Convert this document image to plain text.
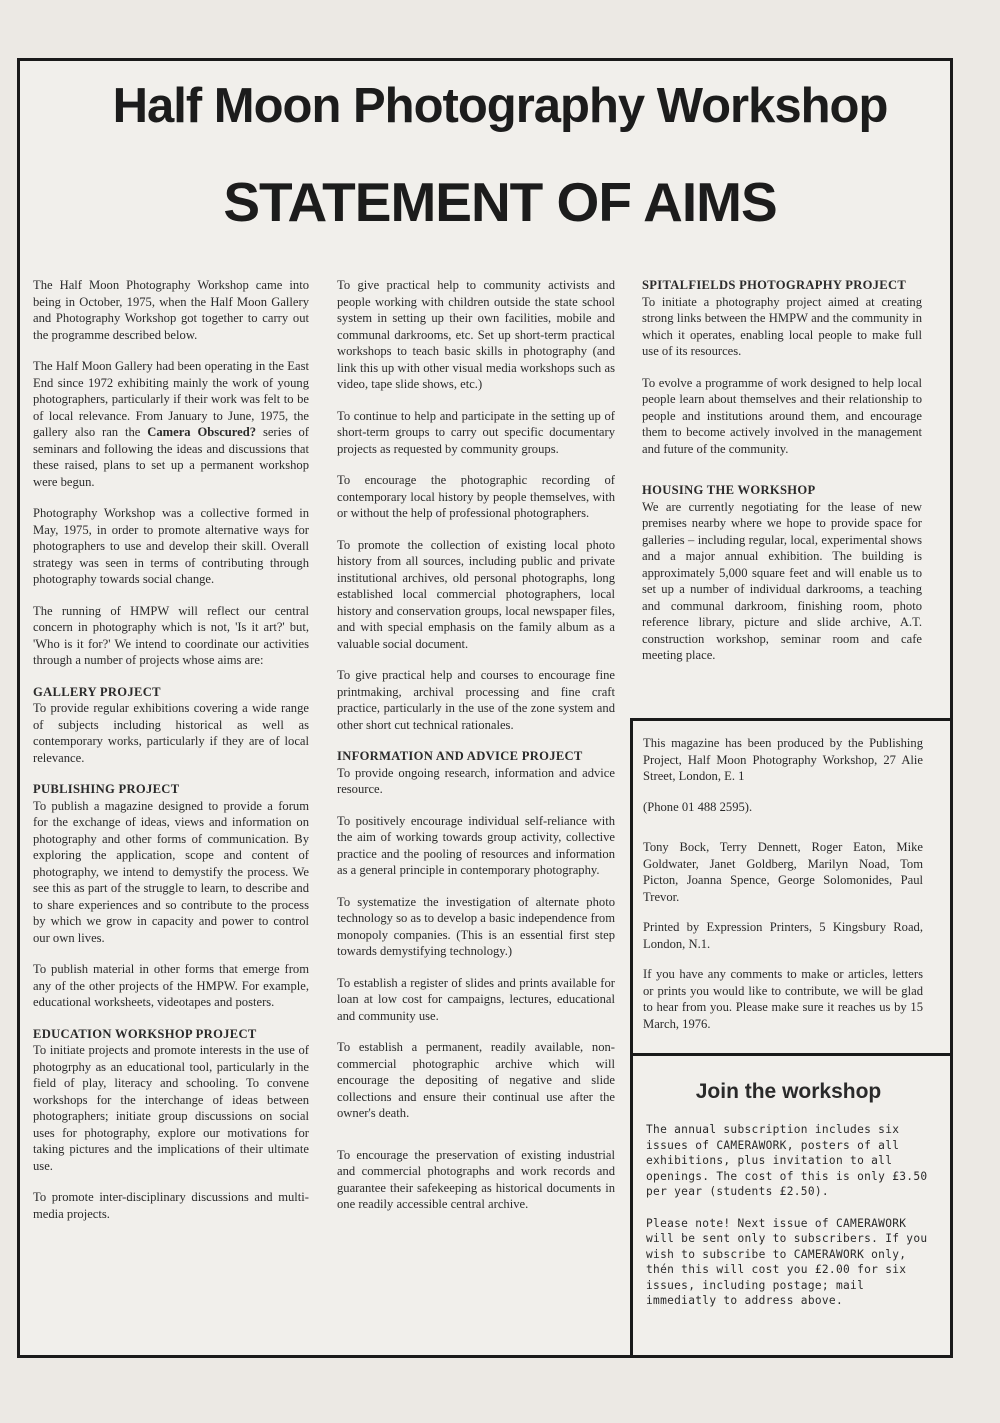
Half Moon Photography Workshop
STATEMENT OF AIMS

The Half Moon Photography Workshop came into being in October, 1975, when the Half Moon Gallery and Photography Workshop got together to carry out the programme described below.

The Half Moon Gallery had been operating in the East End since 1972 exhibiting mainly the work of young photographers, particularly if their work was felt to be of local relevance. From January to June, 1975, the gallery also ran the Camera Obscured? series of seminars and following the ideas and discussions that these raised, plans to set up a permanent workshop were begun.

Photography Workshop was a collective formed in May, 1975, in order to promote alternative ways for photographers to use and develop their skill. Overall strategy was seen in terms of contributing through photography towards social change.

The running of HMPW will reflect our central concern in photography which is not, 'Is it art?' but, 'Who is it for?' We intend to coordinate our activities through a number of projects whose aims are:

GALLERY PROJECT

To provide regular exhibitions covering a wide range of subjects including historical as well as contemporary works, particularly if they are of local relevance.

PUBLISHING PROJECT

To publish a magazine designed to provide a forum for the exchange of ideas, views and information on photography and other forms of communication. By exploring the application, scope and content of photography, we intend to demystify the process. We see this as part of the struggle to learn, to describe and to share experiences and so contribute to the process by which we grow in capacity and power to control our own lives.

To publish material in other forms that emerge from any of the other projects of the HMPW. For example, educational worksheets, videotapes and posters.

EDUCATION WORKSHOP PROJECT

To initiate projects and promote interests in the use of photogrphy as an educational tool, particularly in the field of play, literacy and schooling. To convene workshops for the interchange of ideas between photographers; initiate group discussions on social uses for photography, explore our motivations for taking pictures and the implications of their ultimate use.

To promote inter-disciplinary discussions and multi-media projects.

To give practical help to community activists and people working with children outside the state school system in setting up their own facilities, mobile and communal darkrooms, etc. Set up short-term practical workshops to teach basic skills in photography (and link this up with other visual media workshops such as video, tape slide shows, etc.)

To continue to help and participate in the setting up of short-term groups to carry out specific documentary projects as requested by community groups.

To encourage the photographic recording of contemporary local history by people themselves, with or without the help of professional photographers.

To promote the collection of existing local photo history from all sources, including public and private institutional archives, old personal photographs, long established local commercial photographers, local history and conservation groups, local newspaper files, and with special emphasis on the family album as a valuable social document.

To give practical help and courses to encourage fine printmaking, archival processing and fine craft practice, particularly in the use of the zone system and other short cut technical rationales.

INFORMATION AND ADVICE PROJECT

To provide ongoing research, information and advice resource.

To positively encourage individual self-reliance with the aim of working towards group activity, collective practice and the pooling of resources and information as a general principle in contemporary photography.

To systematize the investigation of alternate photo technology so as to develop a basic independence from monopoly companies. (This is an essential first step towards demystifying technology.)

To establish a register of slides and prints available for loan at low cost for campaigns, lectures, educational and community use.

To establish a permanent, readily available, non-commercial photographic archive which will encourage the depositing of negative and slide collections and ensure their continual use after the owner's death.

To encourage the preservation of existing industrial and commercial photographs and work records and guarantee their safekeeping as historical documents in one readily accessible central archive.

SPITALFIELDS PHOTOGRAPHY PROJECT

To initiate a photography project aimed at creating strong links between the HMPW and the community in which it operates, enabling local people to make full use of its resources.

To evolve a programme of work designed to help local people learn about themselves and their relationship to people and institutions around them, and encourage them to become actively involved in the management and future of the community.

HOUSING THE WORKSHOP

We are currently negotiating for the lease of new premises nearby where we hope to provide space for galleries – including regular, local, experimental shows and a major annual exhibition. The building is approximately 5,000 square feet and will enable us to set up a number of individual darkrooms, a teaching and communal darkroom, finishing room, photo reference library, picture and slide archive, A.T. construction workshop, seminar room and cafe meeting place.

This magazine has been produced by the Publishing Project, Half Moon Photography Workshop, 27 Alie Street, London, E. 1

(Phone 01 488 2595).

Tony Bock, Terry Dennett, Roger Eaton, Mike Goldwater, Janet Goldberg, Marilyn Noad, Tom Picton, Joanna Spence, George Solomonides, Paul Trevor.

Printed by Expression Printers, 5 Kingsbury Road, London, N.1.

If you have any comments to make or articles, letters or prints you would like to contribute, we will be glad to hear from you. Please make sure it reaches us by 15 March, 1976.

Join the workshop

The annual subscription includes six issues of CAMERAWORK, posters of all exhibitions, plus invitation to all openings. The cost of this is only £3.50 per year (students £2.50).

Please note! Next issue of CAMERAWORK will be sent only to subscribers. If you wish to subscribe to CAMERAWORK only, thén this will cost you £2.00 for six issues, including postage; mail immediatly to address above.
